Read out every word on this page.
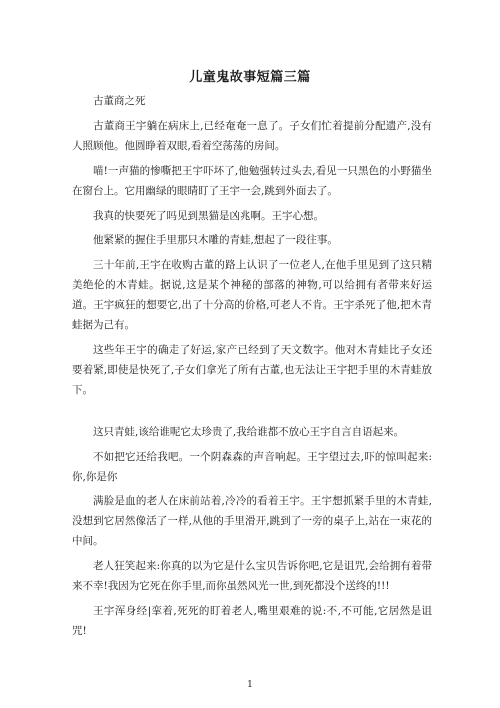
儿童鬼故事短篇三篇

古董商之死

古董商王宇躺在病床上,已经奄奄一息了。子女们忙着提前分配遗产,没有人照顾他。他圆睁着双眼,看着空荡荡的房间。

喵!一声猫的惨嘶把王宇吓坏了,他勉强转过头去,看见一只黑色的小野猫坐在窗台上。它用幽绿的眼睛盯了王宇一会,跳到外面去了。

我真的快要死了吗见到黑猫是凶兆啊。王宇心想。

他紧紧的握住手里那只木雕的青蛙,想起了一段往事。

三十年前,王宇在收购古董的路上认识了一位老人,在他手里见到了这只精美绝伦的木青蛙。据说,这是某个神秘的部落的神物,可以给拥有者带来好运道。王宇疯狂的想要它,出了十分高的价格,可老人不肯。王宇杀死了他,把木青蛙据为己有。

这些年王宇的确走了好运,家产已经到了天文数字。他对木青蛙比子女还要着紧,即使是快死了,子女们拿光了所有古董,也无法让王宇把手里的木青蛙放下。

这只青蛙,该给谁呢它太珍贵了,我给谁都不放心王宇自言自语起来。

不如把它还给我吧。一个阴森森的声音响起。王宇望过去,吓的惊叫起来:你,你是你

满脸是血的老人在床前站着,冷冷的看着王宇。王宇想抓紧手里的木青蛙,没想到它居然像活了一样,从他的手里滑开,跳到了一旁的桌子上,站在一束花的中间。

老人狂笑起来:你真的以为它是什么宝贝告诉你吧,它是诅咒,会给拥有着带来不幸!我因为它死在你手里,而你虽然风光一世,到死都没个送终的!!!

王宇浑身经|挛着,死死的盯着老人,嘴里艰难的说:不,不可能,它居然是诅咒!

1
